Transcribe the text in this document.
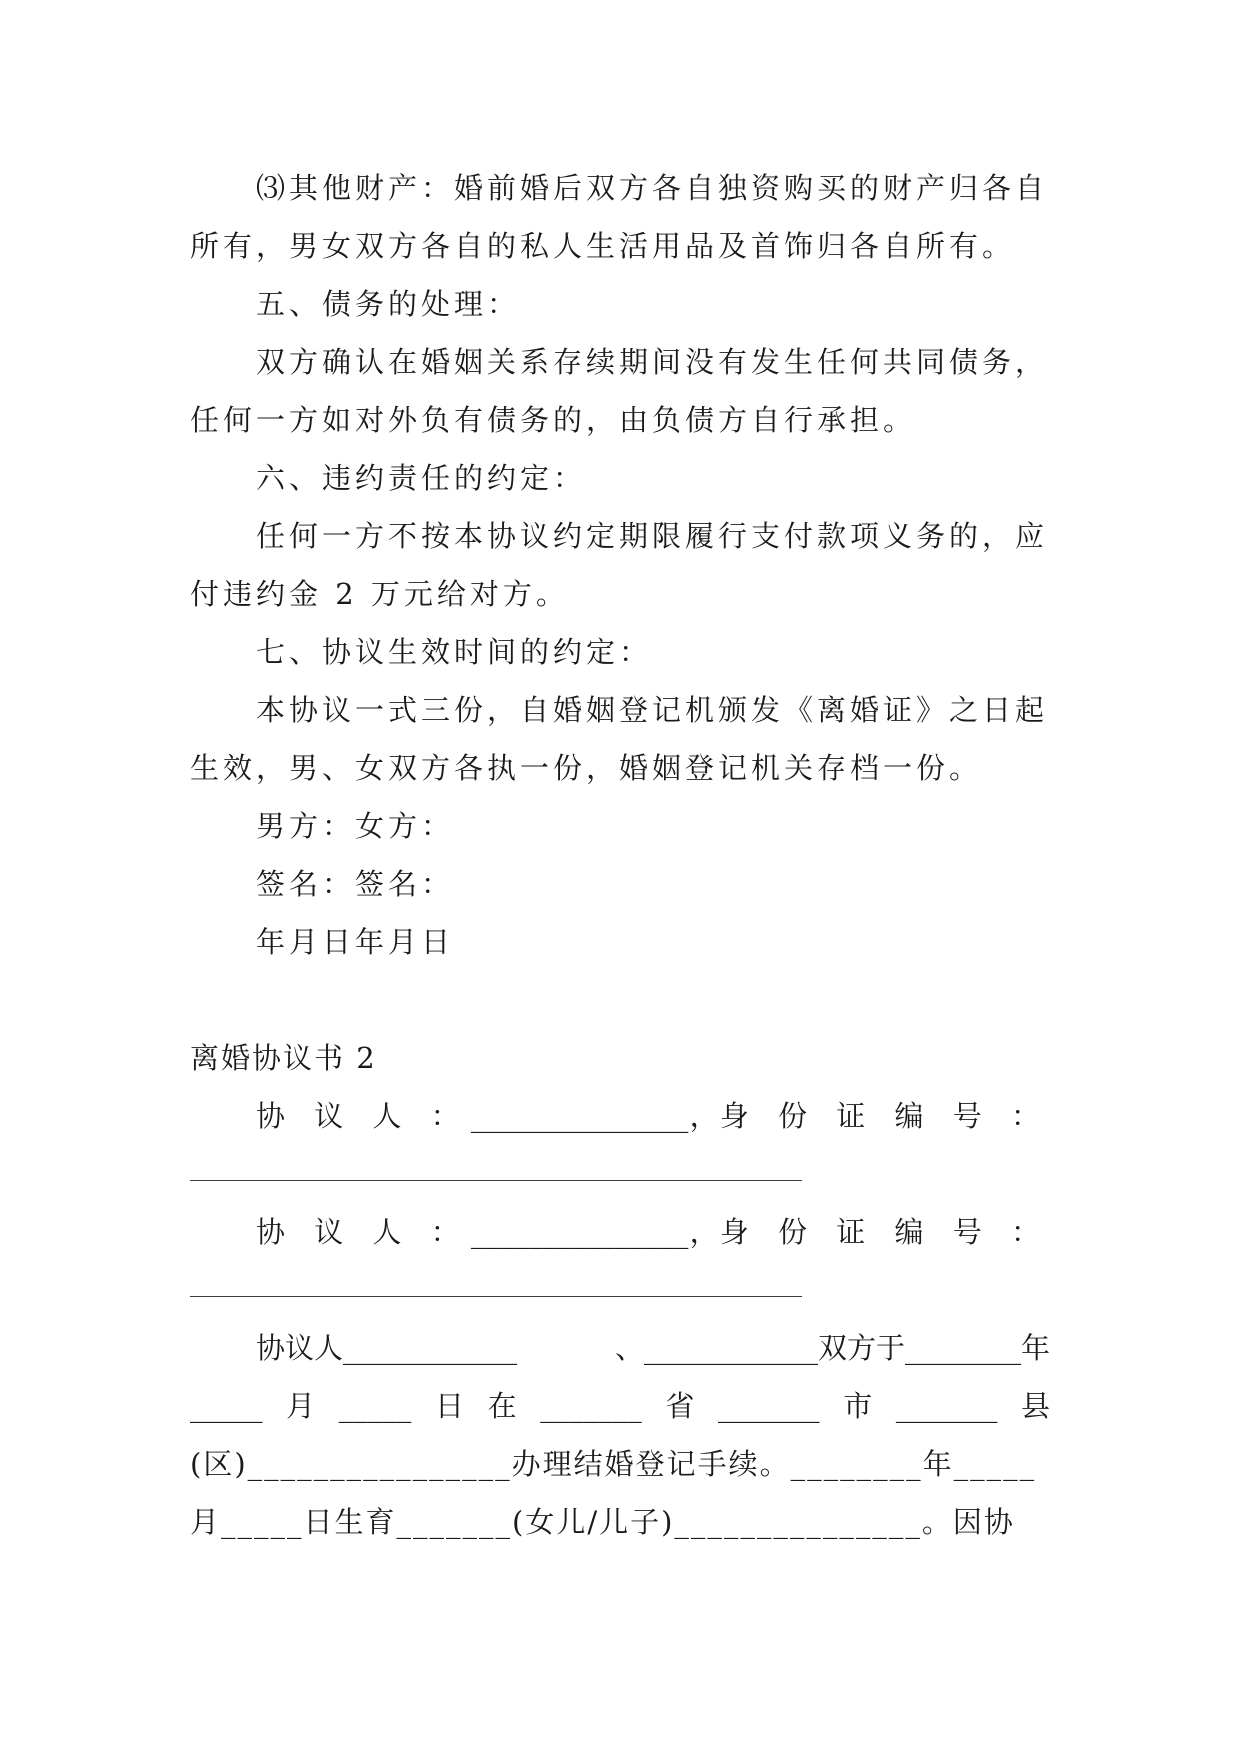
⑶其他财产：婚前婚后双方各自独资购买的财产归各自
所有，男女双方各自的私人生活用品及首饰归各自所有。
五、债务的处理：
双方确认在婚姻关系存续期间没有发生任何共同债务，
任何一方如对外负有债务的，由负债方自行承担。
六、违约责任的约定：
任何一方不按本协议约定期限履行支付款项义务的，应
付违约金 2 万元给对方。
七、协议生效时间的约定：
本协议一式三份，自婚姻登记机颁发《离婚证》之日起
生效，男、女双方各执一份，婚姻登记机关存档一份。
男方：女方：
签名：签名：
年月日年月日
离婚协议书 2
协 议 人 ： _______________ ， 身 份 证 编 号 ：
协 议 人 ： _______________ ， 身 份 证 编 号 ：
协议人____________	、____________双方于________年
_____ 月 _____ 日 在 _______ 省 _______ 市 _______ 县
(区)________________办理结婚登记手续。________年_____
月_____日生育_______(女儿/儿子)_______________。因协
